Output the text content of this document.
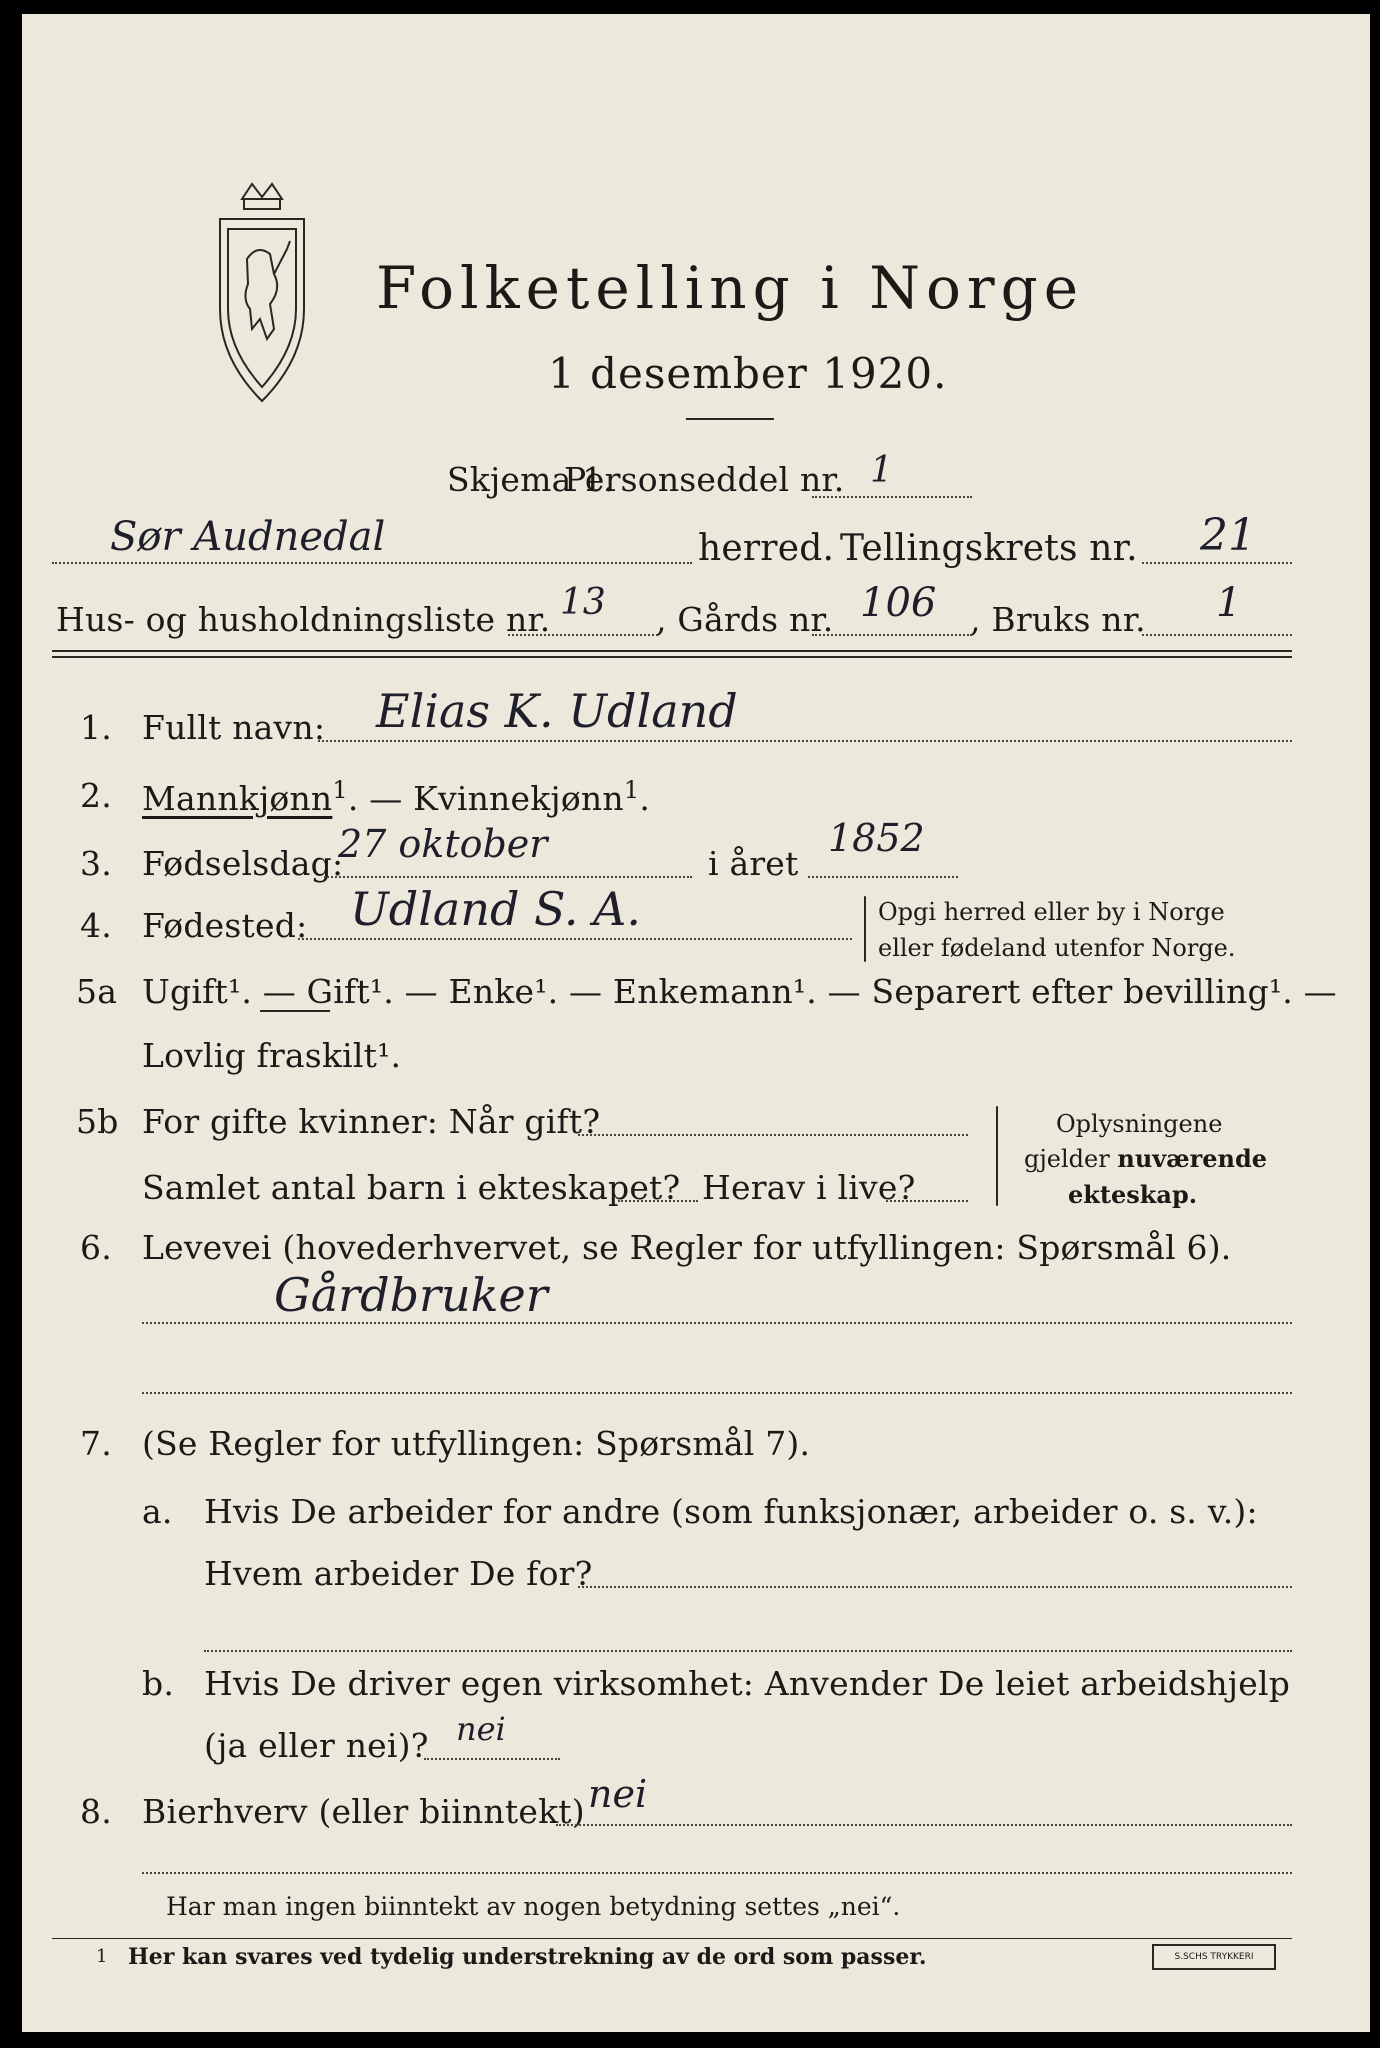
Folketelling i Norge
1 desember 1920.
Skjema 1.
Personseddel nr. 1
Sør Audnedal	herred. Tellingskrets nr. 21
Hus- og husholdningsliste nr. 13 , Gårds nr. 106 , Bruks nr. 1
1. Fullt navn: Elias K. Udland
2. Mannkjønn$^1$. — Kvinnekjønn$^1$.
3. Fødselsdag:
27 oktober	i året
1852
4. Fødested: Udland S. A.	Opgi herred eller by i Norge
eller fødeland utenfor Norge.
5a Ugift¹. — Gift¹. — Enke¹. — Enkemann¹. — Separert efter bevilling¹. —
Lovlig fraskilt¹.
5b For gifte kvinner: Når gift?
Samlet antal barn i ekteskapet? Herav i live?
Oplysningene
gjelder nuværende
ekteskap.
6. Levevei (hovederhvervet, se Regler for utfyllingen: Spørsmål 6).
Gårdbruker
7. (Se Regler for utfyllingen: Spørsmål 7).
a. Hvis De arbeider for andre (som funksjonær, arbeider o. s. v.):
Hvem arbeider De for?
b. Hvis De driver egen virksomhet: Anvender De leiet arbeidshjelp
(ja eller nei)? nei
8. Bierhverv (eller biinntekt) nei
Har man ingen biinntekt av nogen betydning settes „nei“.
1 Her kan svares ved tydelig understrekning av de ord som passer.	S.SCHS TRYKKERI
